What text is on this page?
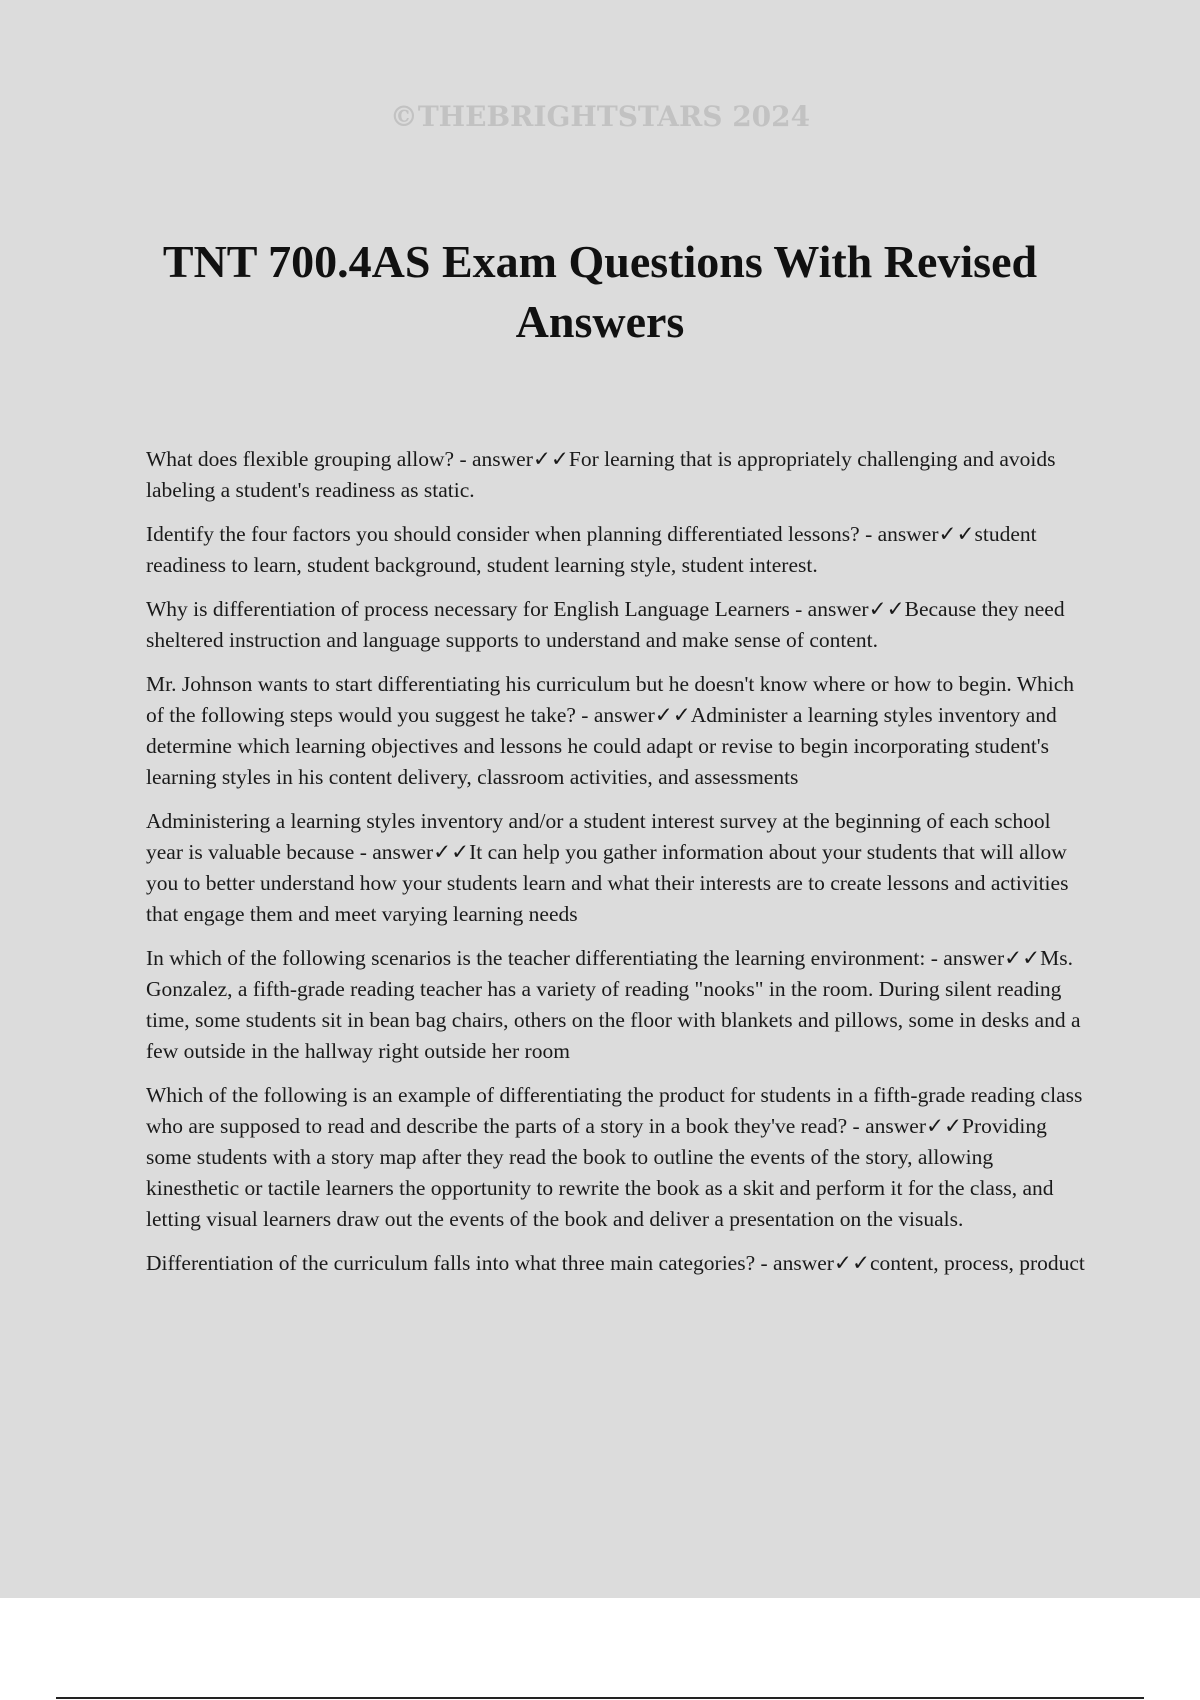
©THEBRIGHTSTARS 2024
TNT 700.4AS Exam Questions With Revised Answers

What does flexible grouping allow? - answer✓✓For learning that is appropriately challenging and avoids labeling a student's readiness as static.

Identify the four factors you should consider when planning differentiated lessons? - answer✓✓student readiness to learn, student background, student learning style, student interest.

Why is differentiation of process necessary for English Language Learners - answer✓✓Because they need sheltered instruction and language supports to understand and make sense of content.

Mr. Johnson wants to start differentiating his curriculum but he doesn't know where or how to begin. Which of the following steps would you suggest he take? - answer✓✓Administer a learning styles inventory and determine which learning objectives and lessons he could adapt or revise to begin incorporating student's learning styles in his content delivery, classroom activities, and assessments

Administering a learning styles inventory and/or a student interest survey at the beginning of each school year is valuable because - answer✓✓It can help you gather information about your students that will allow you to better understand how your students learn and what their interests are to create lessons and activities that engage them and meet varying learning needs

In which of the following scenarios is the teacher differentiating the learning environment: - answer✓✓Ms. Gonzalez, a fifth-grade reading teacher has a variety of reading "nooks" in the room. During silent reading time, some students sit in bean bag chairs, others on the floor with blankets and pillows, some in desks and a few outside in the hallway right outside her room

Which of the following is an example of differentiating the product for students in a fifth-grade reading class who are supposed to read and describe the parts of a story in a book they've read? - answer✓✓Providing some students with a story map after they read the book to outline the events of the story, allowing kinesthetic or tactile learners the opportunity to rewrite the book as a skit and perform it for the class, and letting visual learners draw out the events of the book and deliver a presentation on the visuals.

Differentiation of the curriculum falls into what three main categories? - answer✓✓content, process, product
